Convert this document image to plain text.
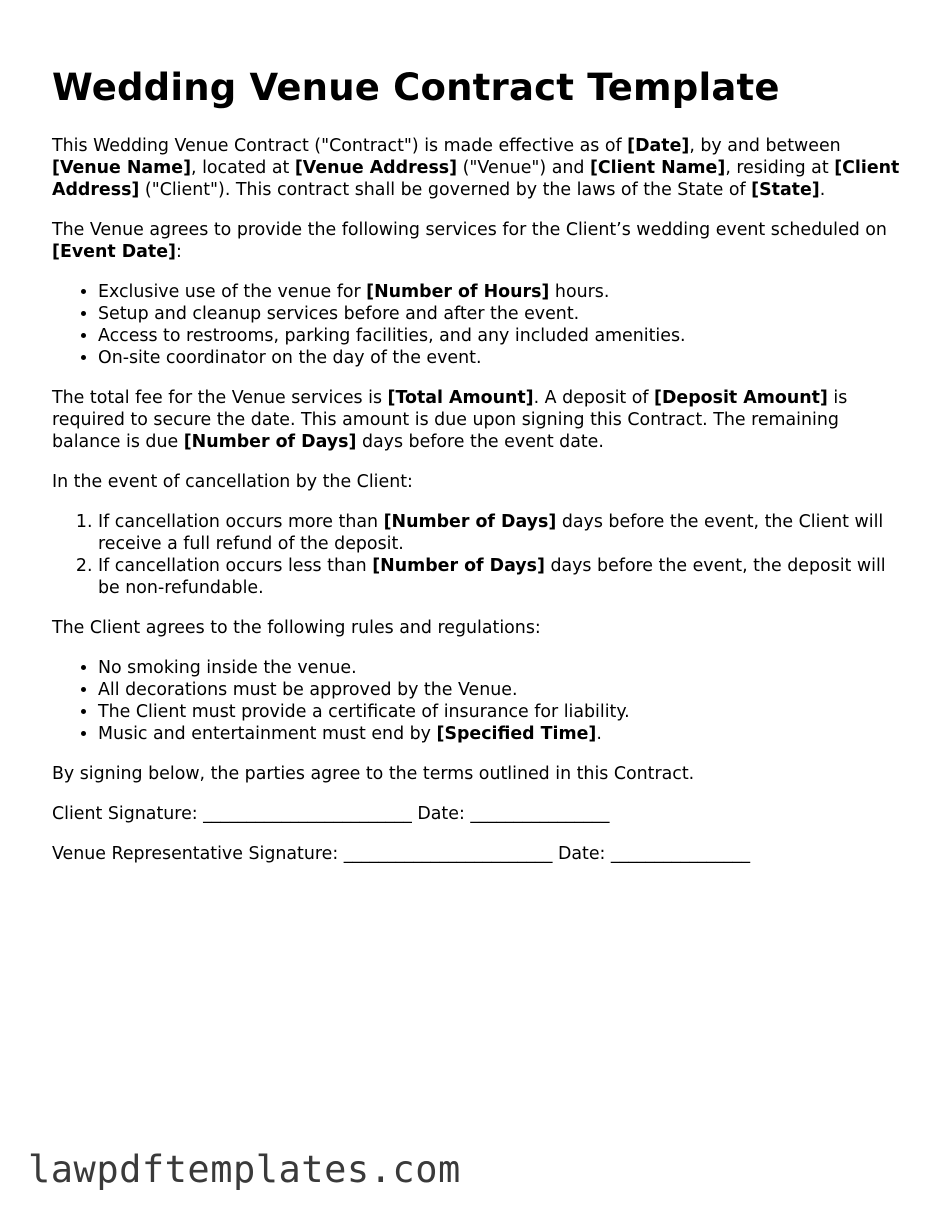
Wedding Venue Contract Template

This Wedding Venue Contract ("Contract") is made effective as of [Date], by and between [Venue Name], located at [Venue Address] ("Venue") and [Client Name], residing at [Client Address] ("Client"). This contract shall be governed by the laws of the State of [State].

The Venue agrees to provide the following services for the Client’s wedding event scheduled on [Event Date]:

• Exclusive use of the venue for [Number of Hours] hours.
• Setup and cleanup services before and after the event.
• Access to restrooms, parking facilities, and any included amenities.
• On-site coordinator on the day of the event.

The total fee for the Venue services is [Total Amount]. A deposit of [Deposit Amount] is required to secure the date. This amount is due upon signing this Contract. The remaining balance is due [Number of Days] days before the event date.

In the event of cancellation by the Client:

1. If cancellation occurs more than [Number of Days] days before the event, the Client will receive a full refund of the deposit.
2. If cancellation occurs less than [Number of Days] days before the event, the deposit will be non-refundable.

The Client agrees to the following rules and regulations:

• No smoking inside the venue.
• All decorations must be approved by the Venue.
• The Client must provide a certificate of insurance for liability.
• Music and entertainment must end by [Specified Time].

By signing below, the parties agree to the terms outlined in this Contract.

Client Signature: ________________________ Date: ________________

Venue Representative Signature: ________________________ Date: ________________

lawpdftemplates.com
